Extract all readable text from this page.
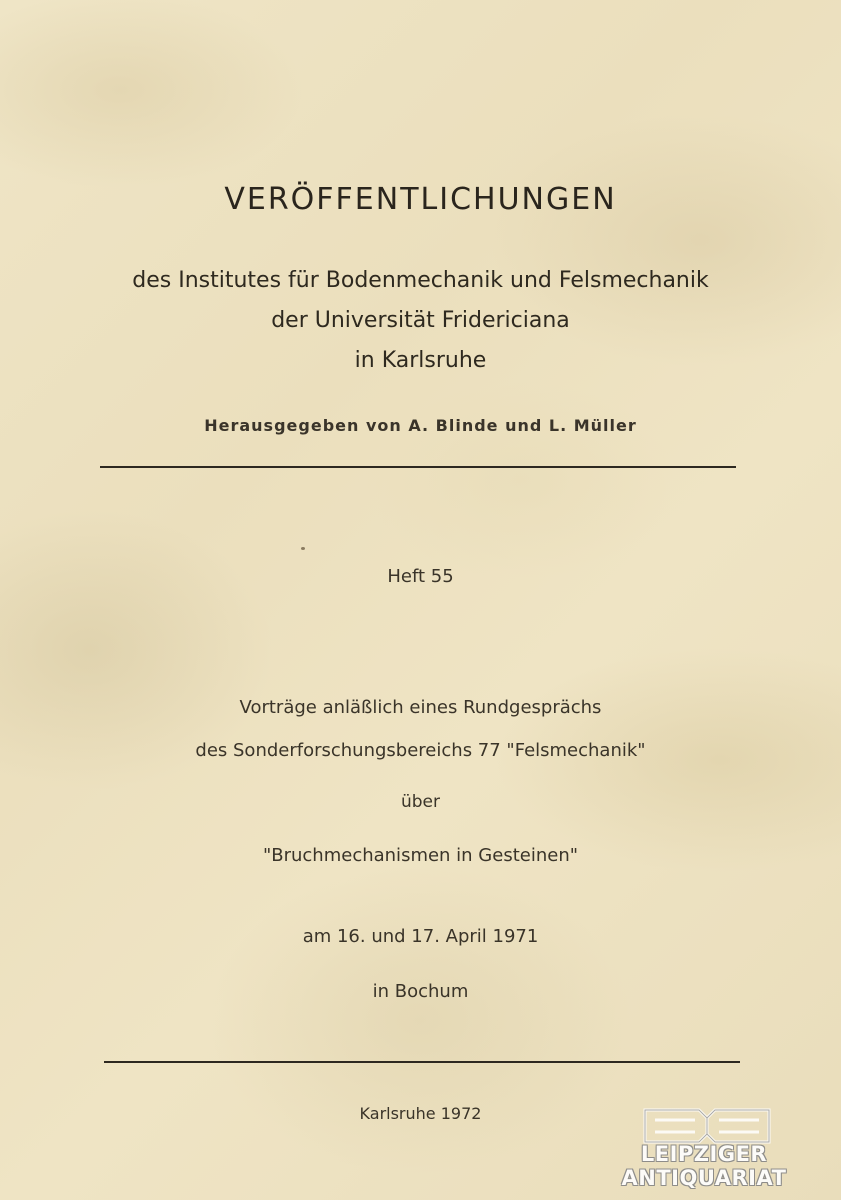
VERÖFFENTLICHUNGEN
des Institutes für Bodenmechanik und Felsmechanik
der Universität Fridericiana
in Karlsruhe
Herausgegeben von A. Blinde und L. Müller
Heft 55
Vorträge anläßlich eines Rundgesprächs
des Sonderforschungsbereichs 77 "Felsmechanik"
über
"Bruchmechanismen in Gesteinen"
am 16. und 17. April 1971
in Bochum
Karlsruhe 1972
LEIPZIGER ANTIQUARIAT
